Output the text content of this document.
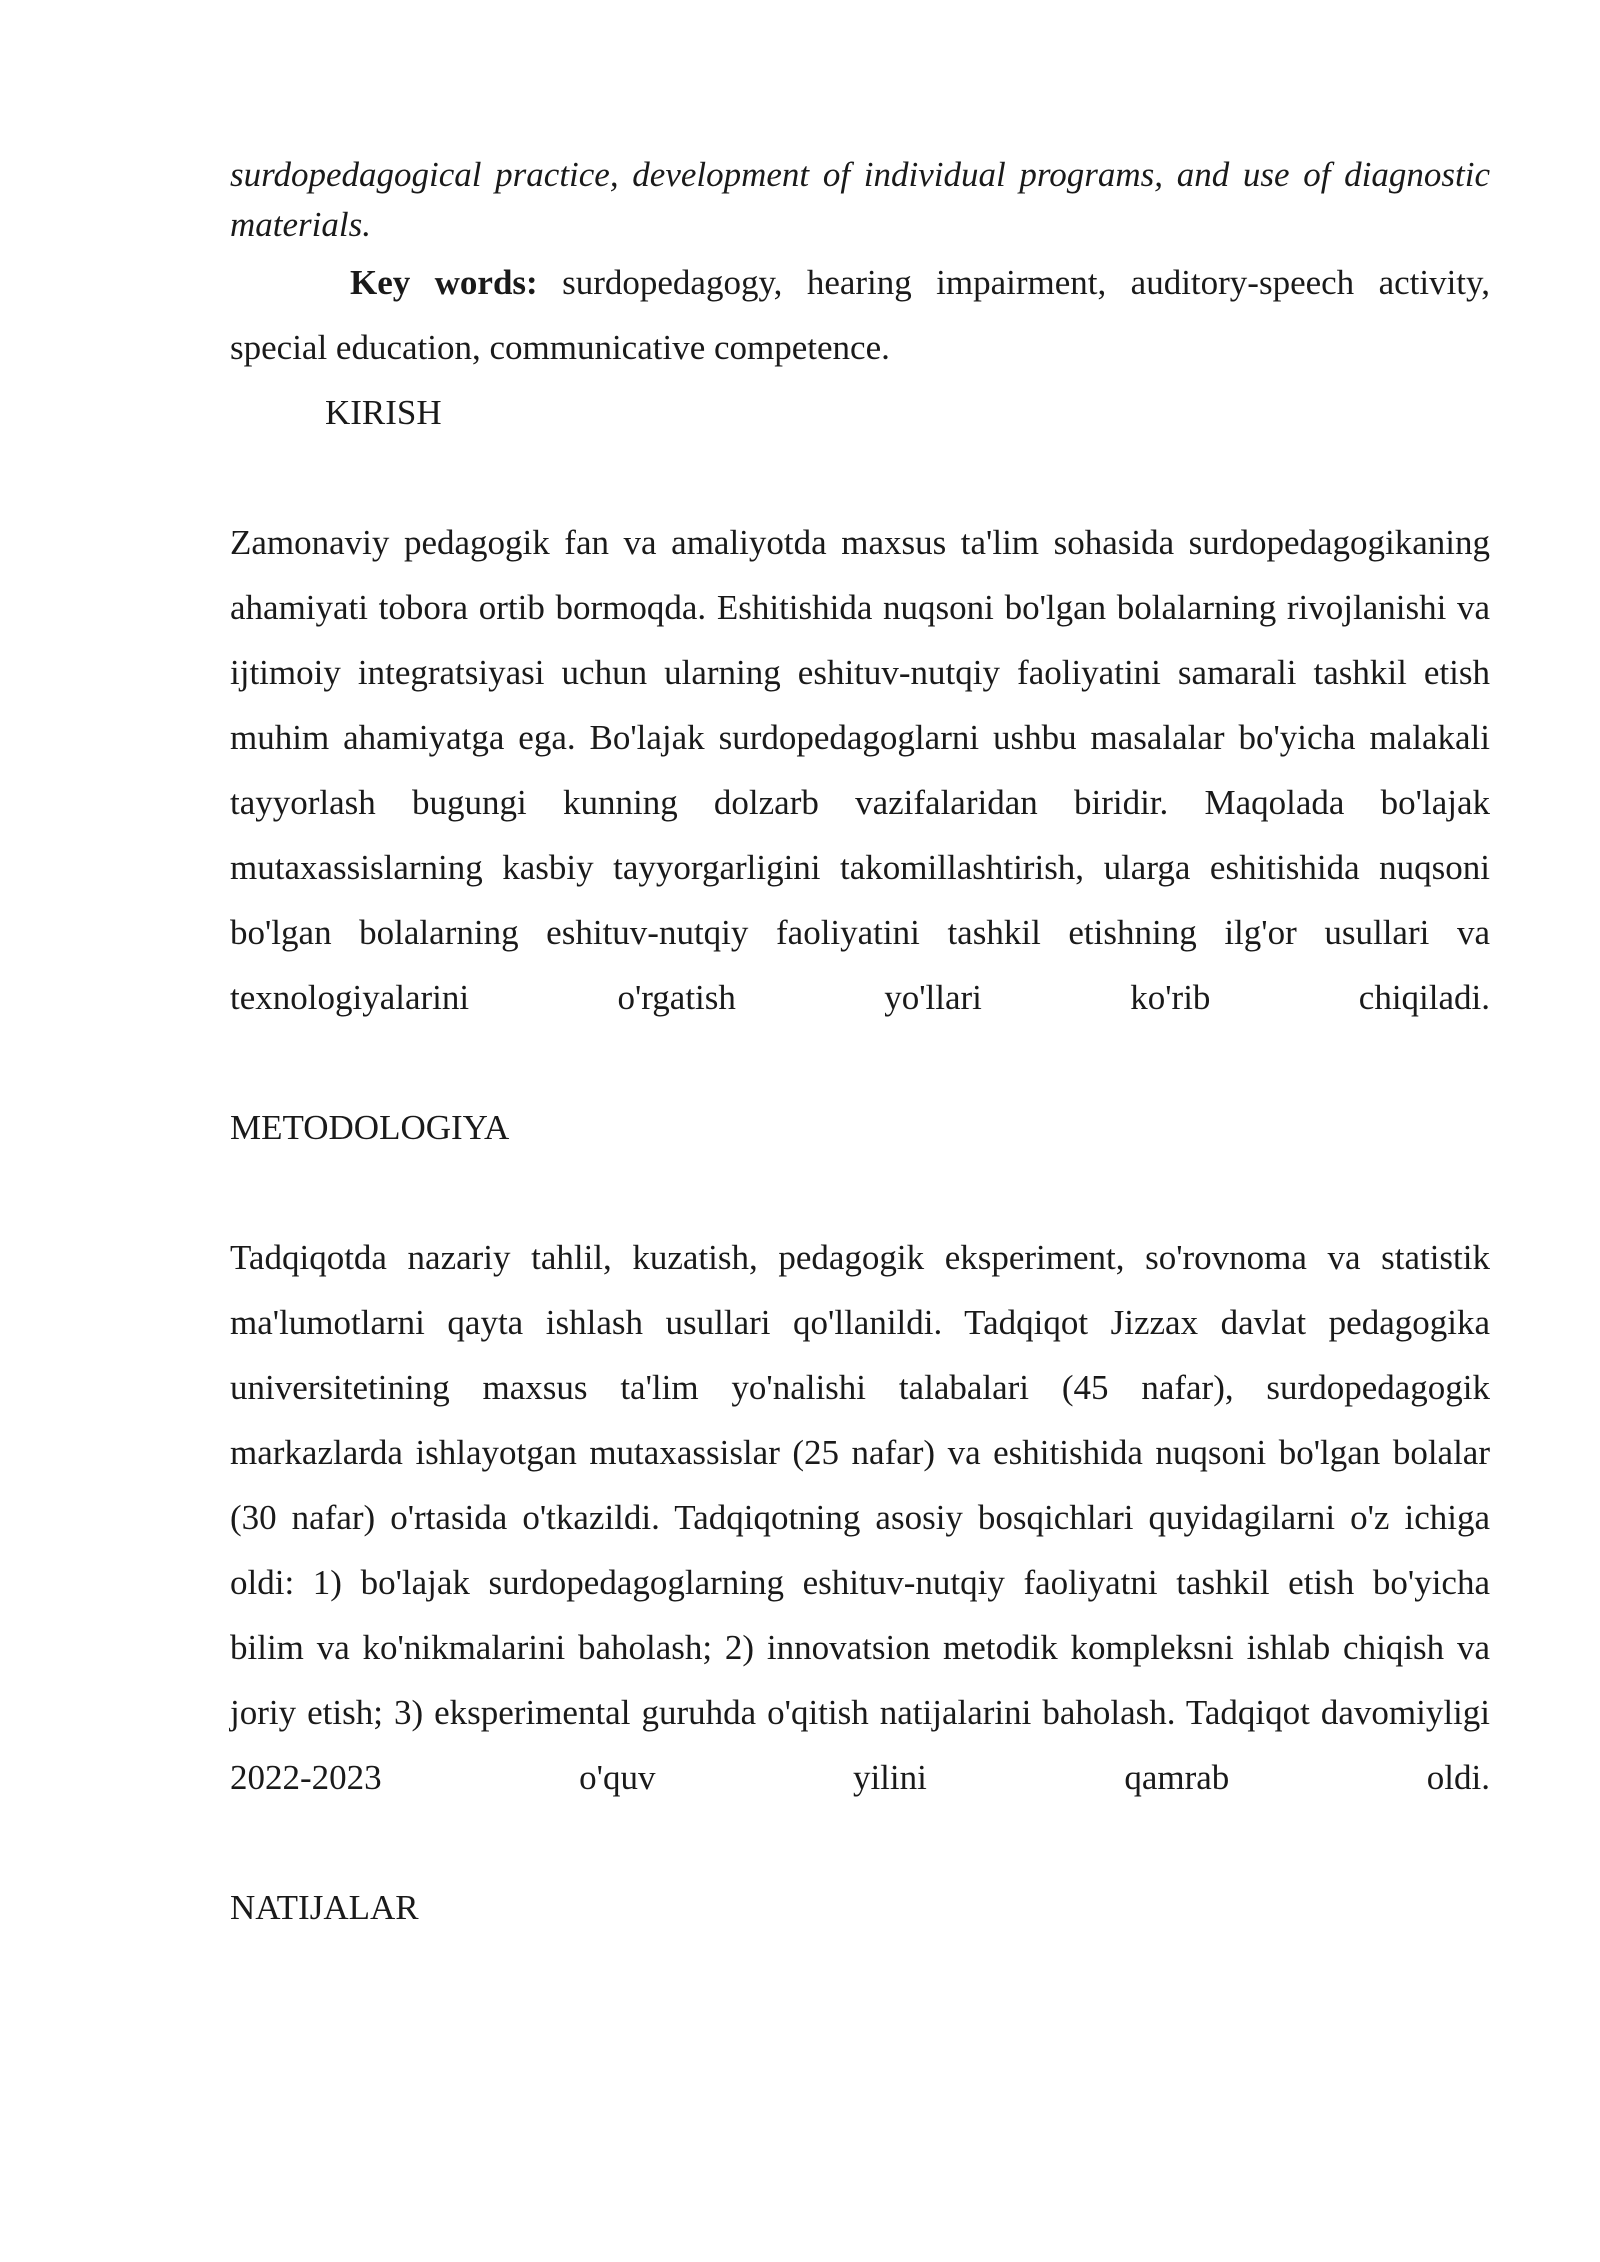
surdopedagogical practice, development of individual programs, and use of diagnostic materials.

Key words: surdopedagogy, hearing impairment, auditory-speech activity, special education, communicative competence.

KIRISH

Zamonaviy pedagogik fan va amaliyotda maxsus ta'lim sohasida surdopedagogikaning ahamiyati tobora ortib bormoqda. Eshitishida nuqsoni bo'lgan bolalarning rivojlanishi va ijtimoiy integratsiyasi uchun ularning eshituv-nutqiy faoliyatini samarali tashkil etish muhim ahamiyatga ega. Bo'lajak surdopedagoglarni ushbu masalalar bo'yicha malakali tayyorlash bugungi kunning dolzarb vazifalaridan biridir. Maqolada bo'lajak mutaxassislarning kasbiy tayyorgarligini takomillashtirish, ularga eshitishida nuqsoni bo'lgan bolalarning eshituv-nutqiy faoliyatini tashkil etishning ilg'or usullari va texnologiyalarini o'rgatish yo'llari ko'rib chiqiladi.

METODOLOGIYA

Tadqiqotda nazariy tahlil, kuzatish, pedagogik eksperiment, so'rovnoma va statistik ma'lumotlarni qayta ishlash usullari qo'llanildi. Tadqiqot Jizzax davlat pedagogika universitetining maxsus ta'lim yo'nalishi talabalari (45 nafar), surdopedagogik markazlarda ishlayotgan mutaxassislar (25 nafar) va eshitishida nuqsoni bo'lgan bolalar (30 nafar) o'rtasida o'tkazildi. Tadqiqotning asosiy bosqichlari quyidagilarni o'z ichiga oldi: 1) bo'lajak surdopedagoglarning eshituv-nutqiy faoliyatni tashkil etish bo'yicha bilim va ko'nikmalarini baholash; 2) innovatsion metodik kompleksni ishlab chiqish va joriy etish; 3) eksperimental guruhda o'qitish natijalarini baholash. Tadqiqot davomiyligi 2022-2023 o'quv yilini qamrab oldi.

NATIJALAR
